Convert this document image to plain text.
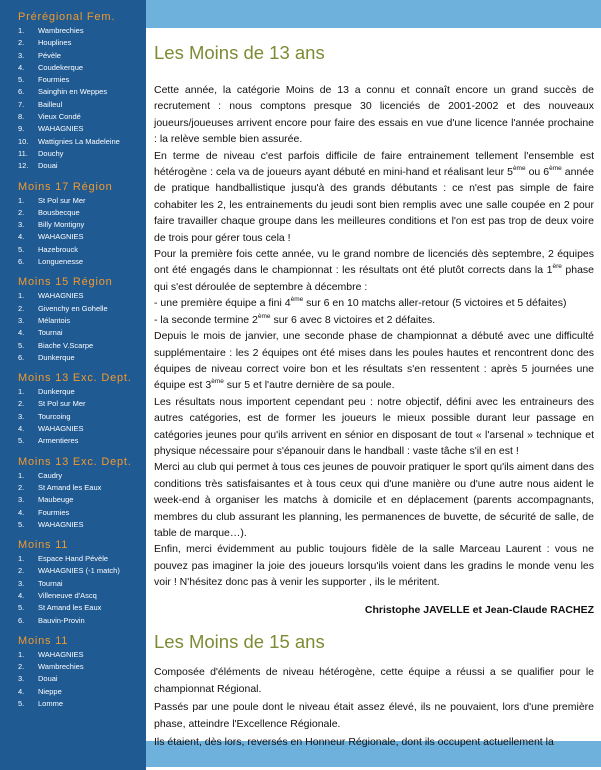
Prérégional Fem.
1.	Wambrechies
2.	Houplines
3.	Pévèle
4.	Coudekerque
5.	Fourmies
6.	Sainghin en Weppes
7.	Bailleul
8.	Vieux Condé
9.	WAHAGNIES
10.	Wattignies La Madeleine
11.	Douchy
12.	Douai
Moins 17 Région
1.	St Pol sur Mer
2.	Bousbecque
3.	Billy Montigny
4.	WAHAGNIES
5.	Hazebrouck
6.	Longuenesse
Moins 15 Région
1.	WAHAGNIES
2.	Givenchy en Gohelle
3.	Mélantois
4.	Tournai
5.	Biache V.Scarpe
6.	Dunkerque
Moins 13 Exc. Dept.
1.	Dunkerque
2.	St Pol sur Mer
3.	Tourcoing
4.	WAHAGNIES
5.	Armentieres
Moins 13 Exc. Dept.
1.	Caudry
2.	St Amand les Eaux
3.	Maubeuge
4.	Fourmies
5.	WAHAGNIES
Moins 11
1.	Espace Hand Pévèle
2.	WAHAGNIES (-1 match)
3.	Tournai
4.	Villeneuve d'Ascq
5.	St Amand les Eaux
6.	Bauvin-Provin
Moins 11
1.	WAHAGNIES
2.	Wambrechies
3.	Douai
4.	Nieppe
5.	Lomme
Les Moins de 13 ans

Cette année, la catégorie Moins de 13 a connu et connaît encore un grand succès de recrutement : nous comptons presque 30 licenciés de 2001-2002 et des nouveaux joueurs/joueuses arrivent encore pour faire des essais en vue d'une licence l'année prochaine : la relève semble bien assurée.

En terme de niveau c'est parfois difficile de faire entrainement tellement l'ensemble est hétérogène : cela va de joueurs ayant débuté en mini-hand et réalisant leur 5ème ou 6ème année de pratique handballistique jusqu'à des grands débutants : ce n'est pas simple de faire cohabiter les 2, les entrainements du jeudi sont bien remplis avec une salle coupée en 2 pour faire travailler chaque groupe dans les meilleures conditions et l'on est pas trop de deux voire de trois pour gérer tous cela !

Pour la première fois cette année, vu le grand nombre de licenciés dès septembre, 2 équipes ont été engagés dans le championnat : les résultats ont été plutôt corrects dans la 1ère phase qui s'est déroulée de septembre à décembre :

- une première équipe a fini 4ème sur 6 en 10 matchs aller-retour (5 victoires et 5 défaites)

- la seconde termine 2ème sur 6 avec 8 victoires et 2 défaites.

Depuis le mois de janvier, une seconde phase de championnat a débuté avec une difficulté supplémentaire : les 2 équipes ont été mises dans les poules hautes et rencontrent donc des équipes de niveau correct voire bon et les résultats s'en ressentent : après 5 journées une équipe est 3ème sur 5 et l'autre dernière de sa poule.

Les résultats nous importent cependant peu : notre objectif, défini avec les entraineurs des autres catégories, est de former les joueurs le mieux possible durant leur passage en catégories jeunes pour qu'ils arrivent en sénior en disposant de tout « l'arsenal » technique et physique nécessaire pour s'épanouir dans le handball : vaste tâche s'il en est !

Merci au club qui permet à tous ces jeunes de pouvoir pratiquer le sport qu'ils aiment dans des conditions très satisfaisantes et à tous ceux qui d'une manière ou d'une autre nous aident le week-end à organiser les matchs à domicile et en déplacement (parents accompagnants, membres du club assurant les planning, les permanences de buvette, de sécurité de salle, de table de marque…).

Enfin, merci évidemment au public toujours fidèle de la salle Marceau Laurent : vous ne pouvez pas imaginer la joie des joueurs lorsqu'ils voient dans les gradins le monde venu les voir ! N'hésitez donc pas à venir les supporter , ils le méritent.

Christophe JAVELLE et Jean-Claude RACHEZ
Les Moins de 15 ans

Composée d'éléments de niveau hétérogène, cette équipe a réussi a se qualifier pour le championnat Régional.

Passés par une poule dont le niveau était assez élevé, ils ne pouvaient, lors d'une première phase, atteindre l'Excellence Régionale.

Ils étaient, dès lors, reversés en Honneur Régionale, dont ils occupent actuellement la
